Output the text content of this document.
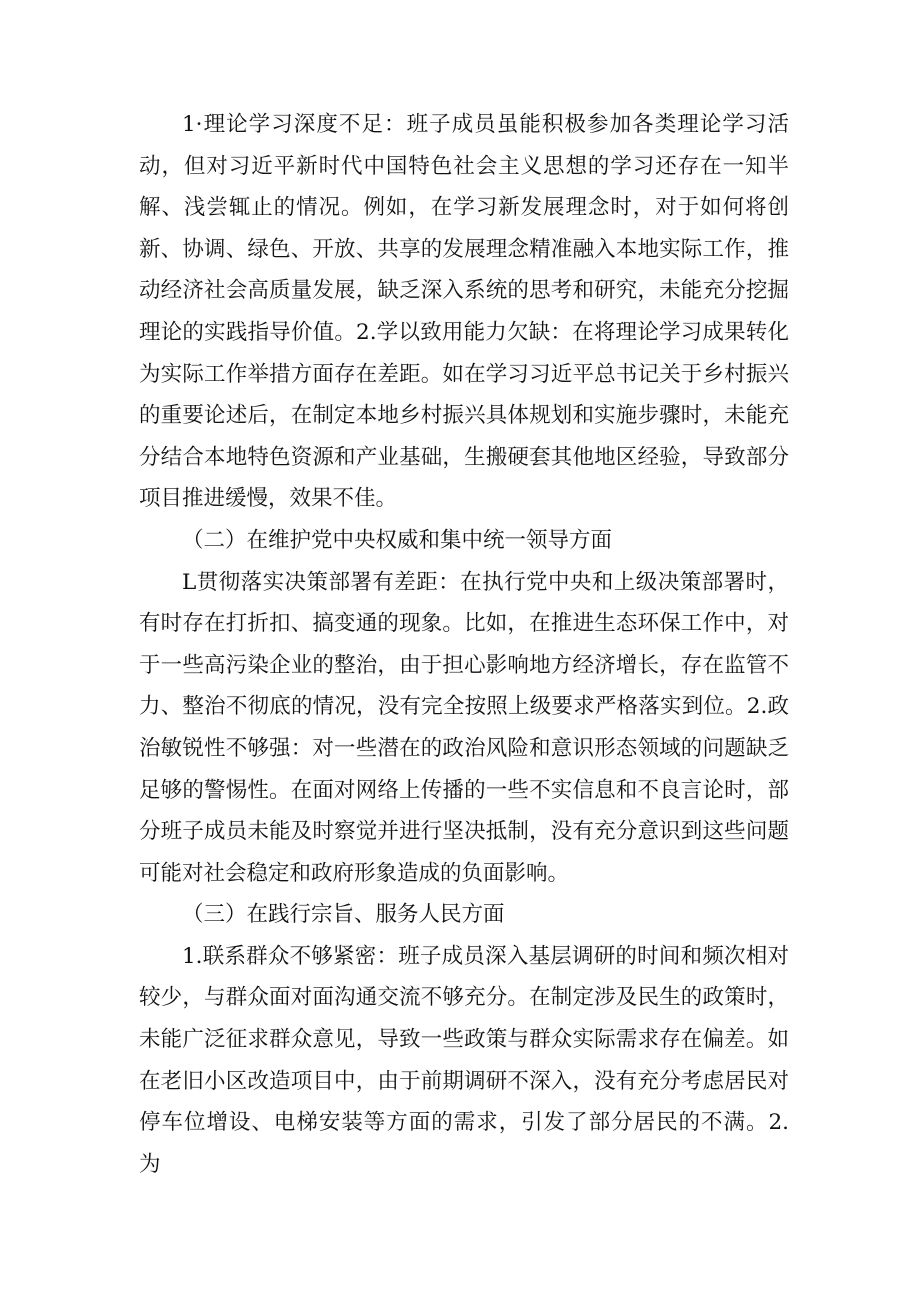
1·理论学习深度不足：班子成员虽能积极参加各类理论学习活动，但对习近平新时代中国特色社会主义思想的学习还存在一知半解、浅尝辄止的情况。例如，在学习新发展理念时，对于如何将创新、协调、绿色、开放、共享的发展理念精准融入本地实际工作，推动经济社会高质量发展，缺乏深入系统的思考和研究，未能充分挖掘理论的实践指导价值。2.学以致用能力欠缺：在将理论学习成果转化为实际工作举措方面存在差距。如在学习习近平总书记关于乡村振兴的重要论述后，在制定本地乡村振兴具体规划和实施步骤时，未能充分结合本地特色资源和产业基础，生搬硬套其他地区经验，导致部分项目推进缓慢，效果不佳。

（二）在维护党中央权威和集中统一领导方面

L贯彻落实决策部署有差距：在执行党中央和上级决策部署时，有时存在打折扣、搞变通的现象。比如，在推进生态环保工作中，对于一些高污染企业的整治，由于担心影响地方经济增长，存在监管不力、整治不彻底的情况，没有完全按照上级要求严格落实到位。2.政治敏锐性不够强：对一些潜在的政治风险和意识形态领域的问题缺乏足够的警惕性。在面对网络上传播的一些不实信息和不良言论时，部分班子成员未能及时察觉并进行坚决抵制，没有充分意识到这些问题可能对社会稳定和政府形象造成的负面影响。

（三）在践行宗旨、服务人民方面

1.联系群众不够紧密：班子成员深入基层调研的时间和频次相对较少，与群众面对面沟通交流不够充分。在制定涉及民生的政策时，未能广泛征求群众意见，导致一些政策与群众实际需求存在偏差。如在老旧小区改造项目中，由于前期调研不深入，没有充分考虑居民对停车位增设、电梯安装等方面的需求，引发了部分居民的不满。2. 为
